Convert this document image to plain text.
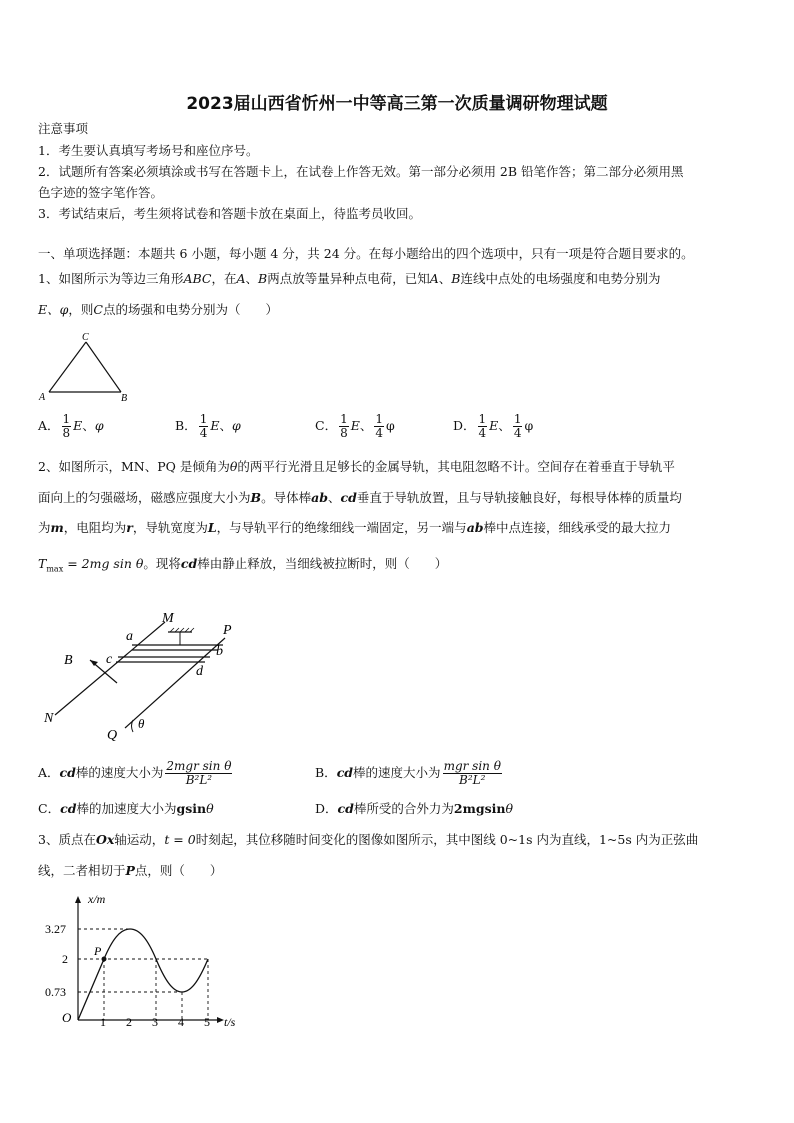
2023届山西省忻州一中等高三第一次质量调研物理试题
注意事项
1．考生要认真填写考场号和座位序号。
2．试题所有答案必须填涂或书写在答题卡上，在试卷上作答无效。第一部分必须用 2B 铅笔作答；第二部分必须用黑
色字迹的签字笔作答。
3．考试结束后，考生须将试卷和答题卡放在桌面上，待监考员收回。
一、单项选择题：本题共 6 小题，每小题 4 分，共 24 分。在每小题给出的四个选项中，只有一项是符合题目要求的。
1、如图所示为等边三角形ABC，在A、B两点放等量异种点电荷，已知A、B连线中点处的电场强度和电势分别为
E、φ，则C点的场强和电势分别为（　　）
C
A	B
A． $\frac{1}{8}$ E、φ	B． $\frac{1}{4}$ E、φ	C． $\frac{1}{8}$ E、 $\frac{1}{4}$ φ	D． $\frac{1}{4}$ E、 $\frac{1}{4}$ φ
2、如图所示，MN、PQ 是倾角为θ的两平行光滑且足够长的金属导轨，其电阻忽略不计。空间存在着垂直于导轨平
面向上的匀强磁场，磁感应强度大小为B。导体棒ab、cd垂直于导轨放置，且与导轨接触良好，每根导体棒的质量均
为m，电阻均为r，导轨宽度为L，与导轨平行的绝缘细线一端固定，另一端与ab棒中点连接，细线承受的最大拉力
$T_{max} = 2mg$ sin θ。现将cd棒由静止释放，当细线被拉断时，则（　　）
M
P
a
b
c
d
B
N
Q
θ
A．cd棒的速度大小为 $\frac{\text{2mgr sin θ}}{\text{B²L²}}$	B．cd棒的速度大小为 $\frac{\text{mgr sin θ}}{\text{B²L²}}$
C．cd棒的加速度大小为gsinθ	D．cd棒所受的合外力为2mgsinθ
3、质点在Ox轴运动，t = 0时刻起，其位移随时间变化的图像如图所示，其中图线 0~1s 内为直线，1~5s 内为正弦曲
线，二者相切于P点，则（　　）
x/m
t/s
O
3.27
2
0.73
1 2 3 4 5
P
